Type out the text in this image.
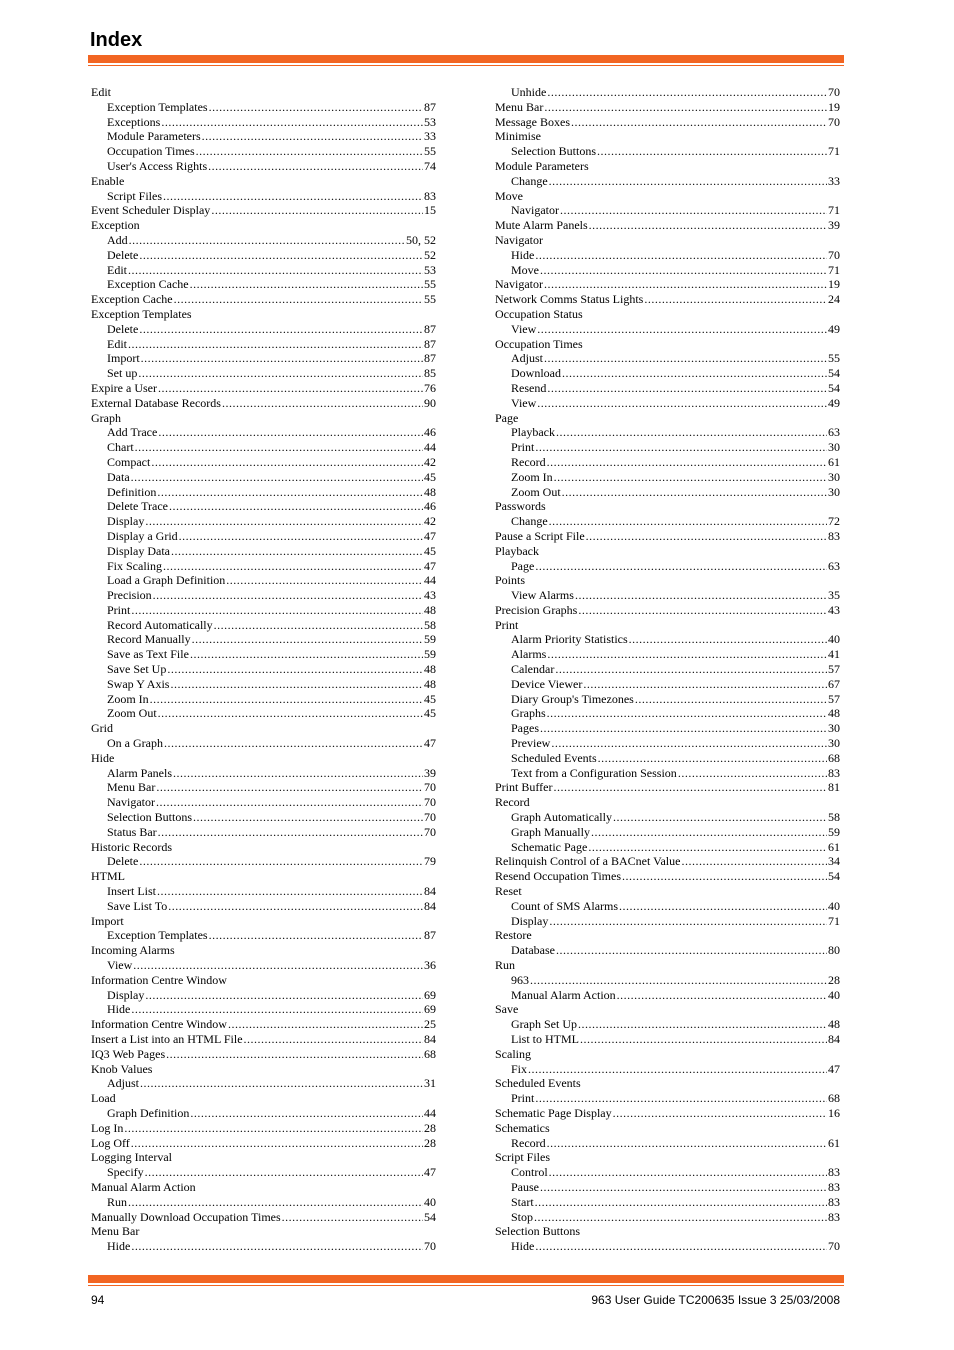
Index
Edit
Exception Templates .....	87
Exceptions .....	53
Module Parameters .....	33
Occupation Times .....	55
User's Access Rights .....	74
Enable
Script Files .....	83
Event Scheduler Display .....	15
Exception
Add .....	50, 52
Delete .....	52
Edit .....	53
Exception Cache .....	55
Exception Cache .....	55
Exception Templates
Delete .....	87
Edit .....	87
Import .....	87
Set up .....	85
Expire a User .....	76
External Database Records .....	90
Graph
Add Trace .....	46
Chart .....	44
Compact .....	42
Data .....	45
Definition .....	48
Delete Trace .....	46
Display .....	42
Display a Grid .....	47
Display Data .....	45
Fix Scaling .....	47
Load a Graph Definition .....	44
Precision .....	43
Print .....	48
Record Automatically .....	58
Record Manually .....	59
Save as Text File .....	59
Save Set Up .....	48
Swap Y Axis .....	48
Zoom In .....	45
Zoom Out .....	45
Grid
On a Graph .....	47
Hide
Alarm Panels .....	39
Menu Bar .....	70
Navigator .....	70
Selection Buttons .....	70
Status Bar .....	70
Historic Records
Delete .....	79
HTML
Insert List .....	84
Save List To .....	84
Import
Exception Templates .....	87
Incoming Alarms
View .....	36
Information Centre Window
Display .....	69
Hide .....	69
Information Centre Window .....	25
Insert a List into an HTML File .....	84
IQ3 Web Pages .....	68
Knob Values
Adjust .....	31
Load
Graph Definition .....	44
Log In .....	28
Log Off .....	28
Logging Interval
Specify .....	47
Manual Alarm Action
Run .....	40
Manually Download Occupation Times .....	54
Menu Bar
Hide .....	70
Unhide .....	70
Menu Bar .....	19
Message Boxes .....	70
Minimise
Selection Buttons .....	71
Module Parameters
Change .....	33
Move
Navigator .....	71
Mute Alarm Panels .....	39
Navigator
Hide .....	70
Move .....	71
Navigator .....	19
Network Comms Status Lights .....	24
Occupation Status
View .....	49
Occupation Times
Adjust .....	55
Download .....	54
Resend .....	54
View .....	49
Page
Playback .....	63
Print .....	30
Record .....	61
Zoom In .....	30
Zoom Out .....	30
Passwords
Change .....	72
Pause a Script File .....	83
Playback
Page .....	63
Points
View Alarms .....	35
Precision Graphs .....	43
Print
Alarm Priority Statistics .....	40
Alarms .....	41
Calendar .....	57
Device Viewer .....	67
Diary Group's Timezones .....	57
Graphs .....	48
Pages .....	30
Preview .....	30
Scheduled Events .....	68
Text from a Configuration Session .....	83
Print Buffer .....	81
Record
Graph Automatically .....	58
Graph Manually .....	59
Schematic Page .....	61
Relinquish Control of a BACnet Value .....	34
Resend Occupation Times .....	54
Reset
Count of SMS Alarms .....	40
Display .....	71
Restore
Database .....	80
Run
963 .....	28
Manual Alarm Action .....	40
Save
Graph Set Up .....	48
List to HTML .....	84
Scaling
Fix .....	47
Scheduled Events
Print .....	68
Schematic Page Display .....	16
Schematics
Record .....	61
Script Files
Control .....	83
Pause .....	83
Start .....	83
Stop .....	83
Selection Buttons
Hide .....	70
94	963 User Guide TC200635 Issue 3 25/03/2008
